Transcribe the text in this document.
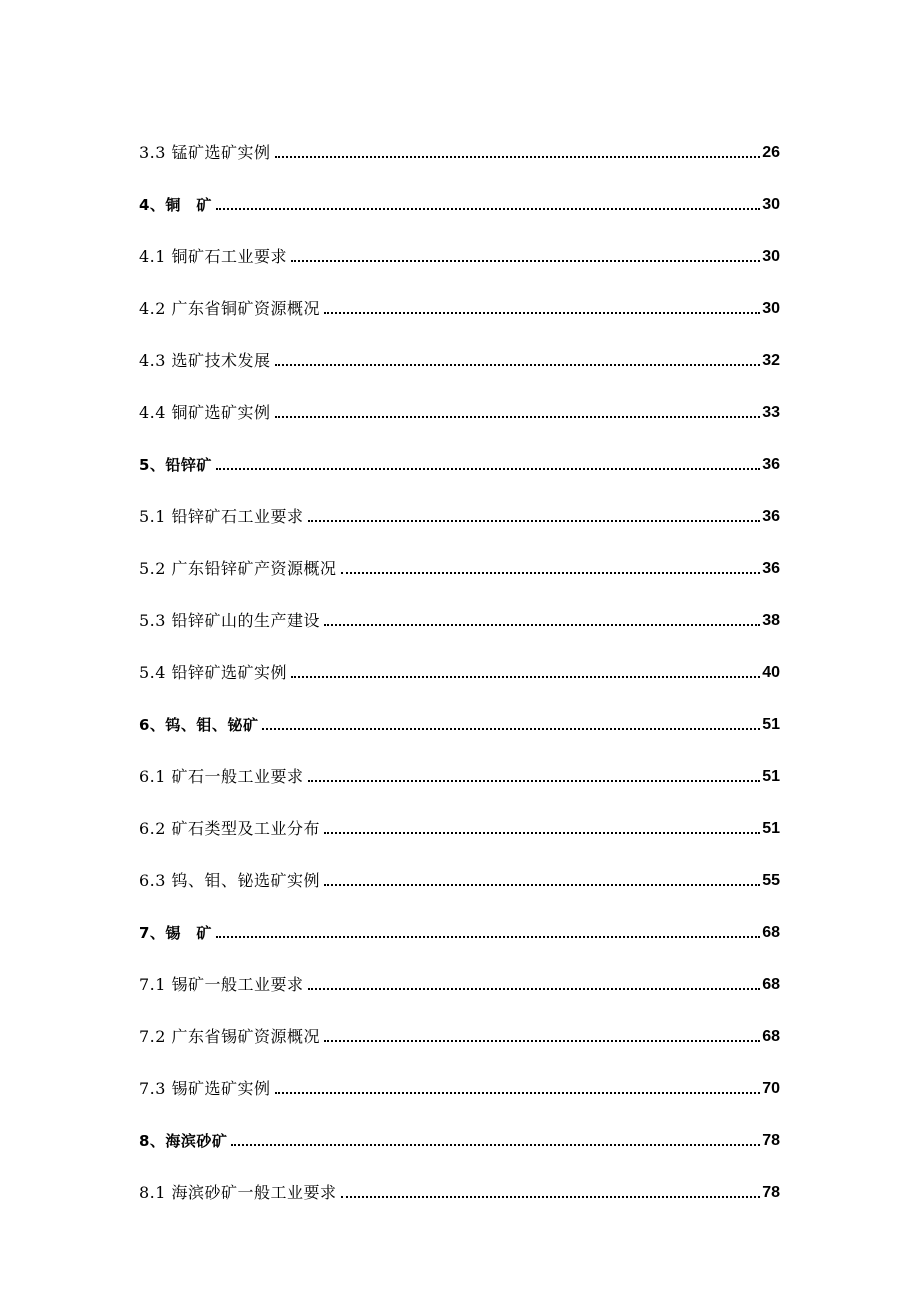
3.3 锰矿选矿实例	26
4、铜　矿	30
4.1 铜矿石工业要求	30
4.2 广东省铜矿资源概况	30
4.3 选矿技术发展	32
4.4 铜矿选矿实例	33
5、铅锌矿	36
5.1 铅锌矿石工业要求	36
5.2 广东铅锌矿产资源概况	36
5.3 铅锌矿山的生产建设	38
5.4 铅锌矿选矿实例	40
6、钨、钼、铋矿	51
6.1 矿石一般工业要求	51
6.2 矿石类型及工业分布	51
6.3 钨、钼、铋选矿实例	55
7、锡　矿	68
7.1 锡矿一般工业要求	68
7.2 广东省锡矿资源概况	68
7.3 锡矿选矿实例	70
8、海滨砂矿	78
8.1 海滨砂矿一般工业要求	78
